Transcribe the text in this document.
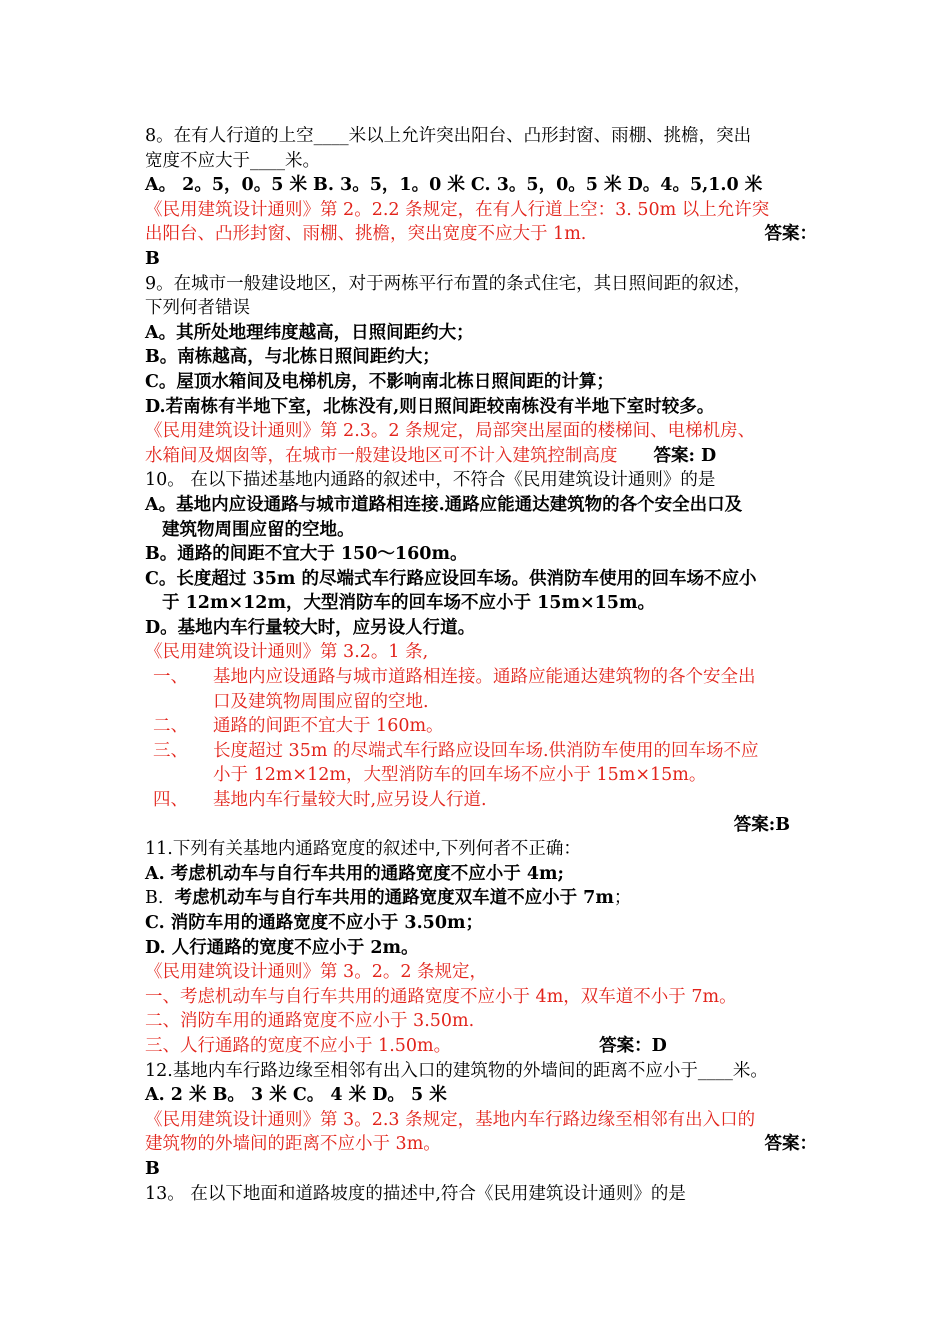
8。在有人行道的上空____米以上允许突出阳台、凸形封窗、雨棚、挑檐，突出
宽度不应大于____米。
A。 2。5，0。5 米 B. 3。5，1。0 米 C. 3。5，0。5 米 D。4。5,1.0 米
《民用建筑设计通则》第 2。2.2 条规定，在有人行道上空：3. 50m 以上允许突
出阳台、凸形封窗、雨棚、挑檐，突出宽度不应大于 1m.	答案：
B
9。在城市一般建设地区，对于两栋平行布置的条式住宅，其日照间距的叙述，
下列何者错误
A。其所处地理纬度越高，日照间距约大；
B。南栋越高，与北栋日照间距约大；
C。屋顶水箱间及电梯机房，不影响南北栋日照间距的计算；
D.若南栋有半地下室，北栋没有,则日照间距较南栋没有半地下室时较多。
《民用建筑设计通则》第 2.3。2 条规定，局部突出屋面的楼梯间、电梯机房、
水箱间及烟囱等，在城市一般建设地区可不计入建筑控制高度 答案: D
10。 在以下描述基地内通路的叙述中，不符合《民用建筑设计通则》的是
A。基地内应设通路与城市道路相连接.通路应能通达建筑物的各个安全出口及
建筑物周围应留的空地。
B。通路的间距不宜大于 150～160m。
C。长度超过 35m 的尽端式车行路应设回车场。供消防车使用的回车场不应小
于 12m×12m，大型消防车的回车场不应小于 15m×15m。
D。基地内车行量较大时，应另设人行道。
《民用建筑设计通则》第 3.2。1 条,
一、 基地内应设通路与城市道路相连接。通路应能通达建筑物的各个安全出
口及建筑物周围应留的空地.
二、 通路的间距不宜大于 160m。
三、 长度超过 35m 的尽端式车行路应设回车场.供消防车使用的回车场不应
小于 12m×12m，大型消防车的回车场不应小于 15m×15m。
四、 基地内车行量较大时,应另设人行道.
答案:B
11.下列有关基地内通路宽度的叙述中,下列何者不正确：
A. 考虑机动车与自行车共用的通路宽度不应小于 4m;
B. 考虑机动车与自行车共用的通路宽度双车道不应小于 7m；
C. 消防车用的通路宽度不应小于 3.50m；
D. 人行通路的宽度不应小于 2m。
《民用建筑设计通则》第 3。2。2 条规定，
一、考虑机动车与自行车共用的通路宽度不应小于 4m，双车道不小于 7m。
二、消防车用的通路宽度不应小于 3.50m.
三、人行通路的宽度不应小于 1.50m。	答案：D
12.基地内车行路边缘至相邻有出入口的建筑物的外墙间的距离不应小于____米。
A. 2 米 B。 3 米 C。 4 米 D。 5 米
《民用建筑设计通则》第 3。2.3 条规定，基地内车行路边缘至相邻有出入口的
建筑物的外墙间的距离不应小于 3m。	答案：
B
13。 在以下地面和道路坡度的描述中,符合《民用建筑设计通则》的是
